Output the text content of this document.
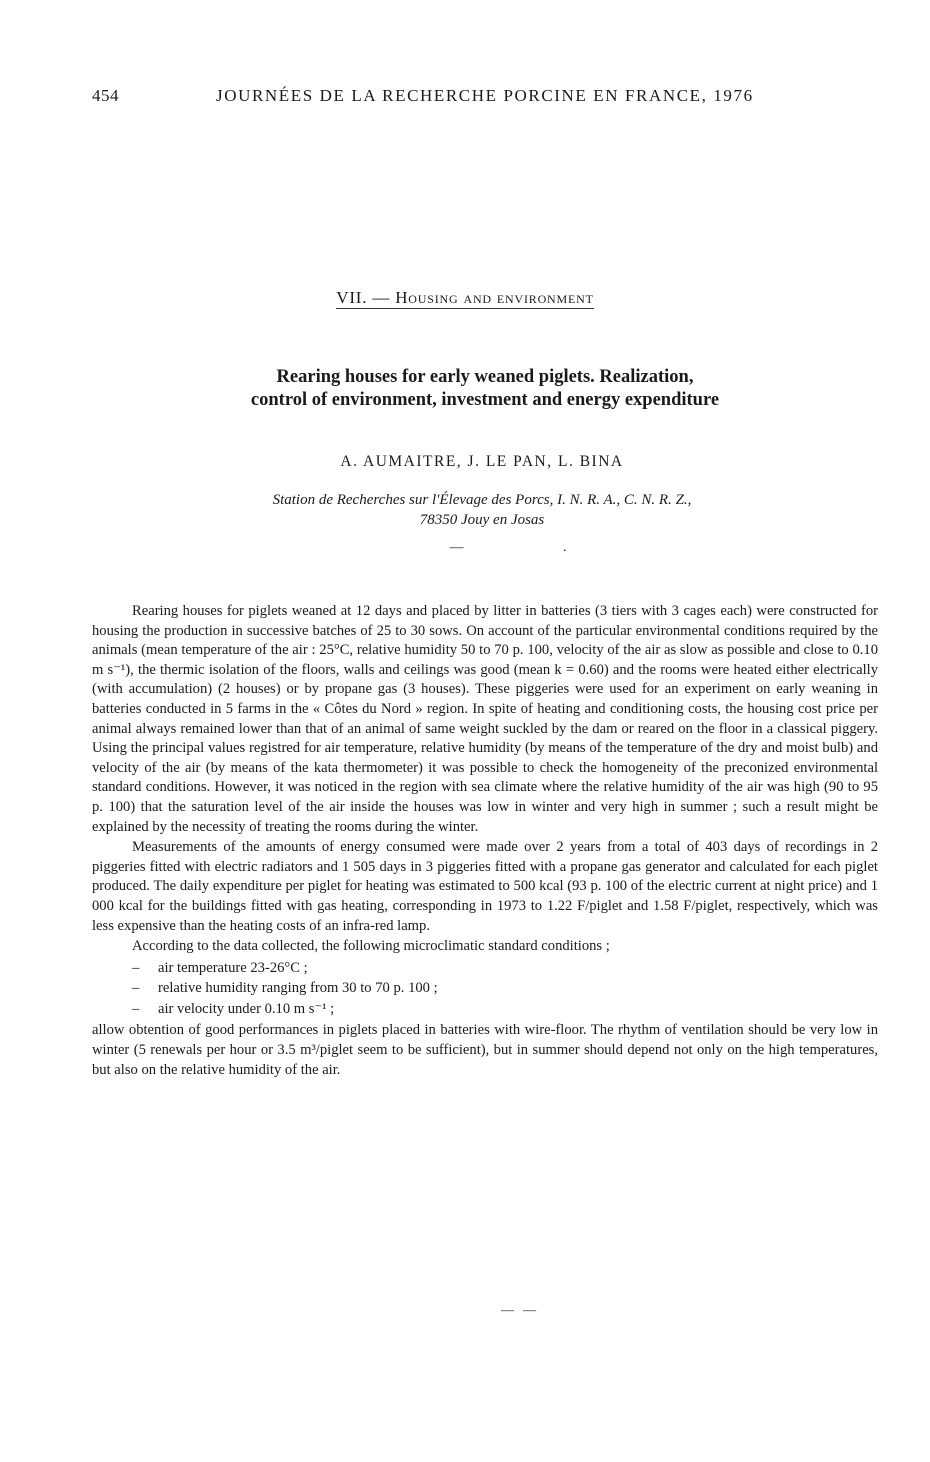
454	JOURNÉES DE LA RECHERCHE PORCINE EN FRANCE, 1976
VII. — Housing and environment
Rearing houses for early weaned piglets. Realization,
control of environment, investment and energy expenditure
A. AUMAITRE, J. LE PAN, L. BINA
Station de Recherches sur l'Élevage des Porcs, I. N. R. A., C. N. R. Z.,
78350 Jouy en Josas
— .

Rearing houses for piglets weaned at 12 days and placed by litter in batteries (3 tiers with 3 cages each) were constructed for housing the production in successive batches of 25 to 30 sows. On account of the particular environmental conditions required by the animals (mean temperature of the air : 25°C, relative humidity 50 to 70 p. 100, velocity of the air as slow as possible and close to 0.10 m s⁻¹), the thermic isolation of the floors, walls and ceilings was good (mean k = 0.60) and the rooms were heated either electrically (with accumulation) (2 houses) or by propane gas (3 houses). These piggeries were used for an experiment on early weaning in batteries conducted in 5 farms in the « Côtes du Nord » region. In spite of heating and conditioning costs, the housing cost price per animal always remained lower than that of an animal of same weight suckled by the dam or reared on the floor in a classical piggery. Using the principal values registred for air temperature, relative humidity (by means of the temperature of the dry and moist bulb) and velocity of the air (by means of the kata thermometer) it was possible to check the homogeneity of the preconized environmental standard conditions. However, it was noticed in the region with sea climate where the relative humidity of the air was high (90 to 95 p. 100) that the saturation level of the air inside the houses was low in winter and very high in summer ; such a result might be explained by the necessity of treating the rooms during the winter.

Measurements of the amounts of energy consumed were made over 2 years from a total of 403 days of recordings in 2 piggeries fitted with electric radiators and 1 505 days in 3 piggeries fitted with a propane gas generator and calculated for each piglet produced. The daily expenditure per piglet for heating was estimated to 500 kcal (93 p. 100 of the electric current at night price) and 1 000 kcal for the buildings fitted with gas heating, corresponding in 1973 to 1.22 F/piglet and 1.58 F/piglet, respectively, which was less expensive than the heating costs of an infra-red lamp.

According to the data collected, the following microclimatic standard conditions ;

– air temperature 23-26°C ;
– relative humidity ranging from 30 to 70 p. 100 ;
– air velocity under 0.10 m s⁻¹ ;

allow obtention of good performances in piglets placed in batteries with wire-floor. The rhythm of ventilation should be very low in winter (5 renewals per hour or 3.5 m³/piglet seem to be sufficient), but in summer should depend not only on the high temperatures, but also on the relative humidity of the air.

— —
